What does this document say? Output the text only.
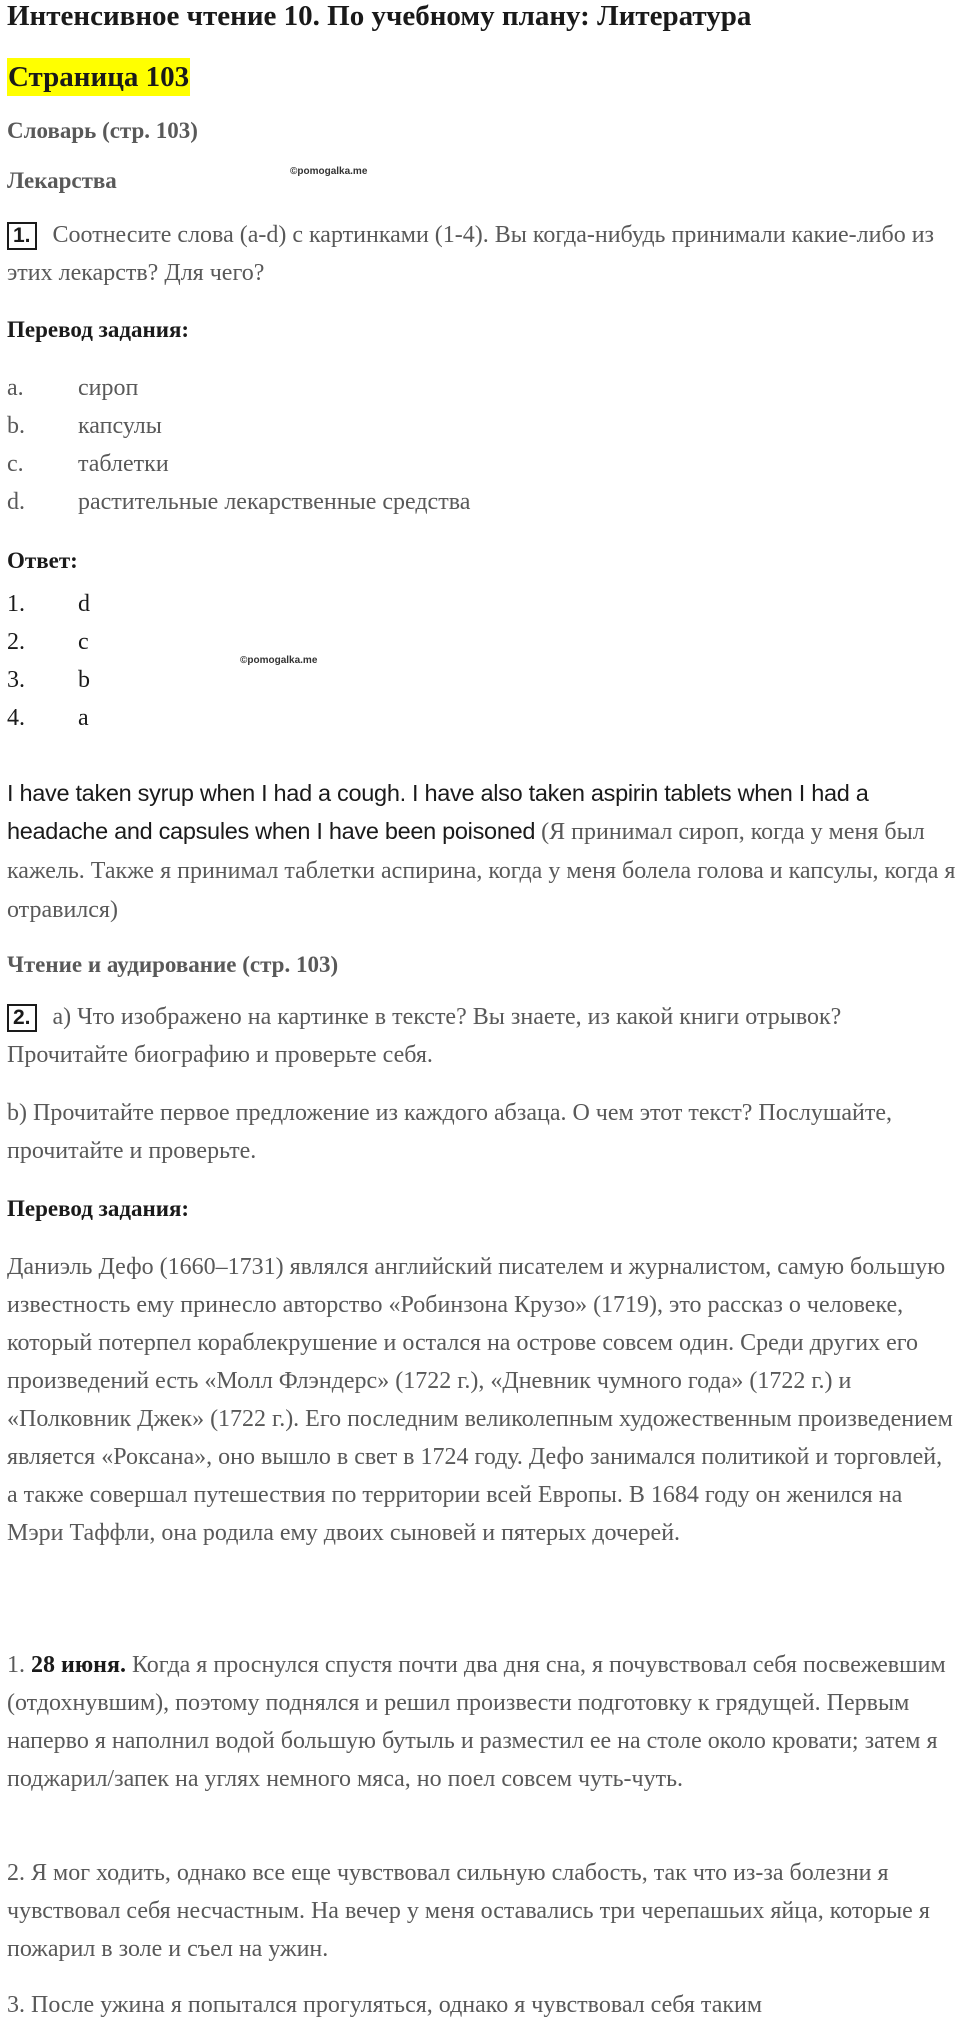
Интенсивное чтение 10. По учебному плану: Литература
Страница 103
Словарь (стр. 103)
Лекарства	©pomogalka.me
1. Соотнесите слова (a-d) с картинками (1-4). Вы когда-нибудь принимали какие-либо из этих лекарств? Для чего?
Перевод задания:
a. сироп
b. капсулы
c. таблетки
d. растительные лекарственные средства
Ответ:
1. d
2. c
3. b
4. a
©pomogalka.me
I have taken syrup when I had a cough. I have also taken aspirin tablets when I had a headache and capsules when I have been poisoned (Я принимал сироп, когда у меня был кажель. Также я принимал таблетки аспирина, когда у меня болела голова и капсулы, когда я отравился)
Чтение и аудирование (стр. 103)
2. a) Что изображено на картинке в тексте? Вы знаете, из какой книги отрывок? Прочитайте биографию и проверьте себя.
b) Прочитайте первое предложение из каждого абзаца. О чем этот текст? Послушайте, прочитайте и проверьте.
Перевод задания:
Даниэль Дефо (1660–1731) являлся английский писателем и журналистом, самую большую известность ему принесло авторство «Робинзона Крузо» (1719), это рассказ о человеке, который потерпел кораблекрушение и остался на острове совсем один. Среди других его произведений есть «Молл Флэндерс» (1722 г.), «Дневник чумного года» (1722 г.) и «Полковник Джек» (1722 г.). Его последним великолепным художественным произведением является «Роксана», оно вышло в свет в 1724 году. Дефо занимался политикой и торговлей, а также совершал путешествия по территории всей Европы. В 1684 году он женился на Мэри Таффли, она родила ему двоих сыновей и пятерых дочерей.
1. 28 июня. Когда я проснулся спустя почти два дня сна, я почувствовал себя посвежевшим (отдохнувшим), поэтому поднялся и решил произвести подготовку к грядущей. Первым наперво я наполнил водой большую бутыль и разместил ее на столе около кровати; затем я поджарил/запек на углях немного мяса, но поел совсем чуть-чуть.
2. Я мог ходить, однако все еще чувствовал сильную слабость, так что из-за болезни я чувствовал себя несчастным. На вечер у меня оставались три черепашьих яйца, которые я пожарил в золе и съел на ужин.
3. После ужина я попытался прогуляться, однако я чувствовал себя таким
